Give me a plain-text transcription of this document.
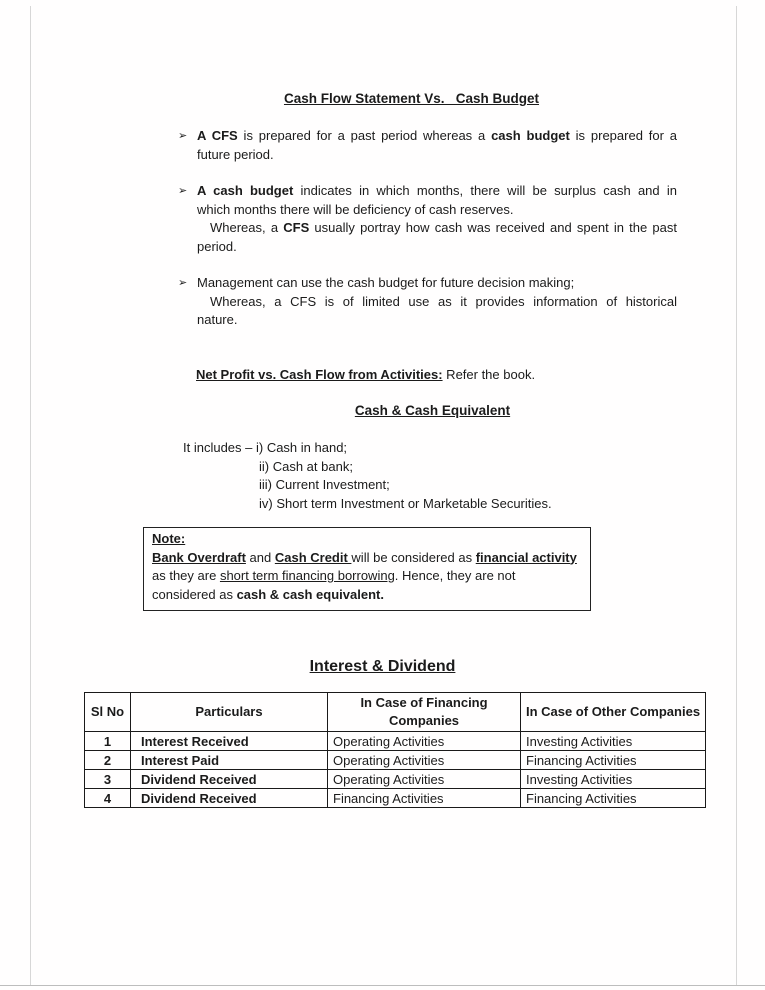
Cash Flow Statement Vs.   Cash Budget
➢ A CFS is prepared for a past period whereas a cash budget is prepared for a
future period.
➢ A cash budget indicates in which months, there will be surplus cash and in
which months there will be deficiency of cash reserves.
Whereas, a CFS usually portray how cash was received and spent in the past
period.
➢ Management can use the cash budget for future decision making;
Whereas, a CFS is of limited use as it provides information of historical
nature.
Net Profit vs. Cash Flow from Activities: Refer the book.
Cash & Cash Equivalent
It includes – i) Cash in hand;
ii) Cash at bank;
iii) Current Investment;
iv) Short term Investment or Marketable Securities.
Note:
Bank Overdraft and Cash Credit will be considered as financial activity
as they are short term financing borrowing. Hence, they are not
considered as cash & cash equivalent.
Interest & Dividend
Sl No	Particulars	In Case of Financing Companies	In Case of Other Companies
1	Interest Received	Operating Activities	Investing Activities
2	Interest Paid	Operating Activities	Financing Activities
3	Dividend Received	Operating Activities	Investing Activities
4	Dividend Received	Financing Activities	Financing Activities
